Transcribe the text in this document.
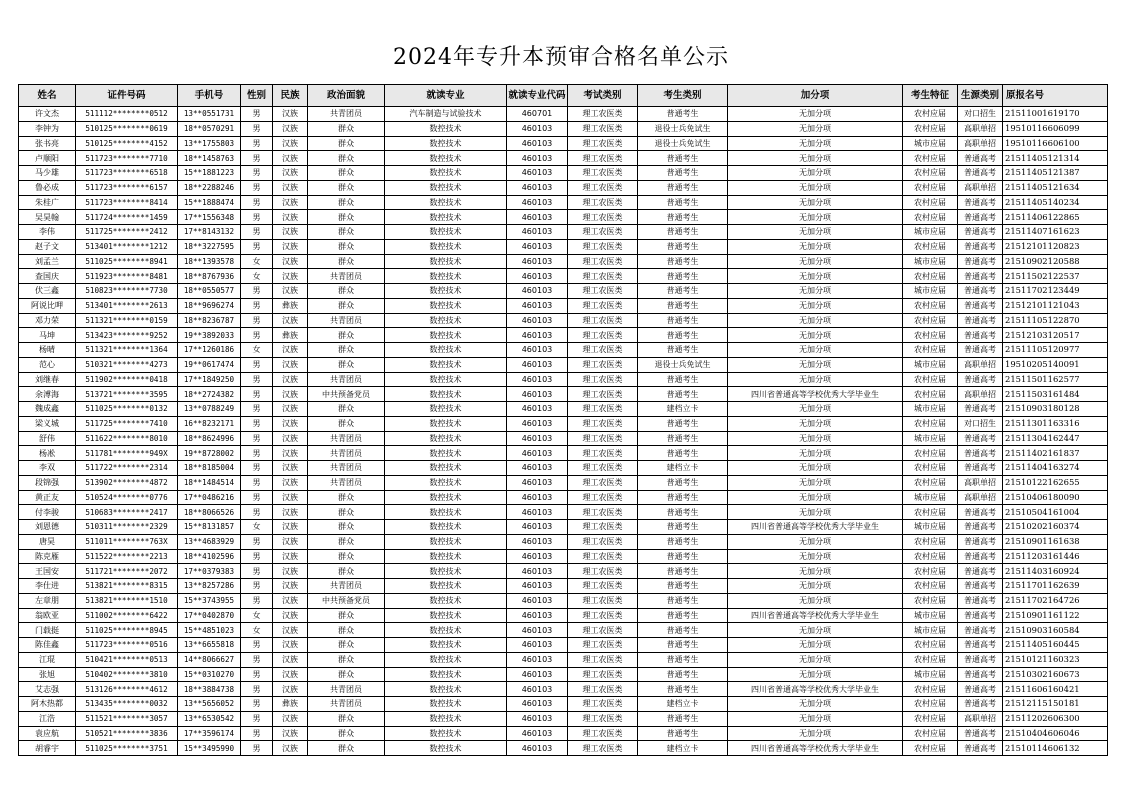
2024年专升本预审合格名单公示
姓名	证件号码	手机号	性别	民族	政治面貌	就读专业	就读专业代码	考试类别	考生类别	加分项	考生特征	生源类别	原报名号
许文杰	511112********0512	13**0551731	男	汉族	共青团员	汽车制造与试验技术	460701	理工农医类	普通考生	无加分项	农村应届	对口招生	21511001619170
李钟为	510125********0619	18**0570291	男	汉族	群众	数控技术	460103	理工农医类	退役士兵免试生	无加分项	农村应届	高职单招	19510116606099
张书亮	510125********4152	13**1755803	男	汉族	群众	数控技术	460103	理工农医类	退役士兵免试生	无加分项	城市应届	高职单招	19510116606100
卢顺阳	511723********7710	18**1458763	男	汉族	群众	数控技术	460103	理工农医类	普通考生	无加分项	农村应届	普通高考	21511405121314
马少雄	511723********6518	15**1881223	男	汉族	群众	数控技术	460103	理工农医类	普通考生	无加分项	农村应届	普通高考	21511405121387
鲁必成	511723********6157	18**2288246	男	汉族	群众	数控技术	460103	理工农医类	普通考生	无加分项	农村应届	高职单招	21511405121634
朱桂广	511723********8414	15**1888474	男	汉族	群众	数控技术	460103	理工农医类	普通考生	无加分项	农村应届	普通高考	21511405140234
吴昊翰	511724********1459	17**1556348	男	汉族	群众	数控技术	460103	理工农医类	普通考生	无加分项	农村应届	普通高考	21511406122865
李伟	511725********2412	17**8143132	男	汉族	群众	数控技术	460103	理工农医类	普通考生	无加分项	城市应届	普通高考	21511407161623
赵子文	513401********1212	18**3227595	男	汉族	群众	数控技术	460103	理工农医类	普通考生	无加分项	农村应届	普通高考	21512101120823
刘孟兰	511025********8941	18**1393578	女	汉族	群众	数控技术	460103	理工农医类	普通考生	无加分项	城市应届	普通高考	21510902120588
查国庆	511923********8481	18**8767936	女	汉族	共青团员	数控技术	460103	理工农医类	普通考生	无加分项	农村应届	普通高考	21511502122537
伏三鑫	510823********7730	18**0550577	男	汉族	群众	数控技术	460103	理工农医类	普通考生	无加分项	城市应届	普通高考	21511702123449
阿说比呷	513401********2613	18**9696274	男	彝族	群众	数控技术	460103	理工农医类	普通考生	无加分项	农村应届	普通高考	21512101121043
邓力荣	511321********0159	18**8236787	男	汉族	共青团员	数控技术	460103	理工农医类	普通考生	无加分项	农村应届	普通高考	21511105122870
马坤	513423********9252	19**3892033	男	彝族	群众	数控技术	460103	理工农医类	普通考生	无加分项	农村应届	普通高考	21512103120517
杨晴	511321********1364	17**1260186	女	汉族	群众	数控技术	460103	理工农医类	普通考生	无加分项	农村应届	普通高考	21511105120977
范心	510321********4273	19**0617474	男	汉族	群众	数控技术	460103	理工农医类	退役士兵免试生	无加分项	城市应届	高职单招	19510205140091
刘继春	511902********0418	17**1849250	男	汉族	共青团员	数控技术	460103	理工农医类	普通考生	无加分项	农村应届	普通高考	21511501162577
余溥海	513721********3595	18**2724382	男	汉族	中共预备党员	数控技术	460103	理工农医类	普通考生	四川省普通高等学校优秀大学毕业生	农村应届	高职单招	21511503161484
魏成鑫	511025********0132	13**0788249	男	汉族	群众	数控技术	460103	理工农医类	建档立卡	无加分项	城市应届	普通高考	21510903180128
梁义城	511725********7410	16**8232171	男	汉族	群众	数控技术	460103	理工农医类	普通考生	无加分项	农村应届	对口招生	21511301163316
舒伟	511622********8010	18**8624996	男	汉族	共青团员	数控技术	460103	理工农医类	普通考生	无加分项	城市应届	普通高考	21511304162447
杨凇	511781********949X	19**8728002	男	汉族	共青团员	数控技术	460103	理工农医类	普通考生	无加分项	农村应届	普通高考	21511402161837
李双	511722********2314	18**8185004	男	汉族	共青团员	数控技术	460103	理工农医类	建档立卡	无加分项	农村应届	普通高考	21511404163274
段锦强	513902********4872	18**1484514	男	汉族	共青团员	数控技术	460103	理工农医类	普通考生	无加分项	农村应届	高职单招	21510122162655
黄正友	510524********0776	17**0486216	男	汉族	群众	数控技术	460103	理工农医类	普通考生	无加分项	城市应届	高职单招	21510406180090
付李骏	510683********2417	18**8066526	男	汉族	群众	数控技术	460103	理工农医类	普通考生	无加分项	农村应届	普通高考	21510504161004
刘恩德	510311********2329	15**8131857	女	汉族	群众	数控技术	460103	理工农医类	普通考生	四川省普通高等学校优秀大学毕业生	城市应届	普通高考	21510202160374
唐昊	511011********763X	13**4683929	男	汉族	群众	数控技术	460103	理工农医类	普通考生	无加分项	农村应届	普通高考	21510901161638
陈克雁	511522********2213	18**4102596	男	汉族	群众	数控技术	460103	理工农医类	普通考生	无加分项	农村应届	普通高考	21511203161446
王国安	511721********2072	17**0379383	男	汉族	群众	数控技术	460103	理工农医类	普通考生	无加分项	农村应届	普通高考	21511403160924
李仕进	513821********8315	13**8257286	男	汉族	共青团员	数控技术	460103	理工农医类	普通考生	无加分项	农村应届	普通高考	21511701162639
左章朋	513821********1510	15**3743955	男	汉族	中共预备党员	数控技术	460103	理工农医类	普通考生	无加分项	农村应届	普通高考	21511702164726
翁欧亚	511002********6422	17**0402870	女	汉族	群众	数控技术	460103	理工农医类	普通考生	四川省普通高等学校优秀大学毕业生	城市应届	普通高考	21510901161122
门载挺	511025********8945	15**4851023	女	汉族	群众	数控技术	460103	理工农医类	普通考生	无加分项	城市应届	普通高考	21510903160584
陈佳鑫	511723********0516	13**6655818	男	汉族	群众	数控技术	460103	理工农医类	普通考生	无加分项	农村应届	普通高考	21511405160445
江琨	510421********0513	14**8066627	男	汉族	群众	数控技术	460103	理工农医类	普通考生	无加分项	农村应届	普通高考	21510121160323
张旭	510402********3810	15**0310270	男	汉族	群众	数控技术	460103	理工农医类	普通考生	无加分项	城市应届	普通高考	21510302160673
艾志强	513126********4612	18**3884738	男	汉族	共青团员	数控技术	460103	理工农医类	普通考生	四川省普通高等学校优秀大学毕业生	农村应届	普通高考	21511606160421
阿木热都	513435********0032	13**5656052	男	彝族	共青团员	数控技术	460103	理工农医类	建档立卡	无加分项	农村应届	普通高考	21512115150181
江浩	511521********3057	13**6530542	男	汉族	群众	数控技术	460103	理工农医类	普通考生	无加分项	农村应届	高职单招	21511202606300
袁应航	510521********3836	17**3596174	男	汉族	群众	数控技术	460103	理工农医类	普通考生	无加分项	农村应届	普通高考	21510404606046
胡睿宇	511025********3751	15**3495990	男	汉族	群众	数控技术	460103	理工农医类	建档立卡	四川省普通高等学校优秀大学毕业生	农村应届	普通高考	21510114606132
